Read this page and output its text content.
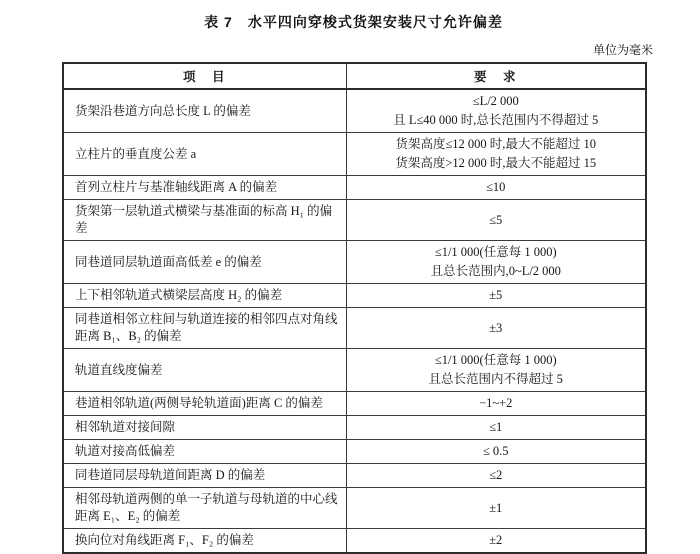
表 7　水平四向穿梭式货架安装尺寸允许偏差
单位为毫米
项　目	要　求
货架沿巷道方向总长度 L 的偏差	≤L/2 000
且 L≤40 000 时,总长范围内不得超过 5

立柱片的垂直度公差 a	货架高度≤12 000 时,最大不能超过 10
货架高度>12 000 时,最大不能超过 15

首列立柱片与基准轴线距离 A 的偏差	≤10

货架第一层轨道式横梁与基准面的标高 H₁ 的偏差	≤5

同巷道同层轨道面高低差 e 的偏差	≤1/1 000(任意每 1 000)
且总长范围内,0~L/2 000

上下相邻轨道式横梁层高度 H₂ 的偏差	±5

同巷道相邻立柱间与轨道连接的相邻四点对角线距离 B₁、B₂ 的偏差	±3

轨道直线度偏差	≤1/1 000(任意每 1 000)
且总长范围内不得超过 5

巷道相邻轨道(两侧导轮轨道面)距离 C 的偏差	−1~+2

相邻轨道对接间隙	≤1

轨道对接高低偏差	≤ 0.5

同巷道同层母轨道间距离 D 的偏差	≤2

相邻母轨道两侧的单一子轨道与母轨道的中心线距离 E₁、E₂ 的偏差	±1

换向位对角线距离 F₁、F₂ 的偏差	±2
